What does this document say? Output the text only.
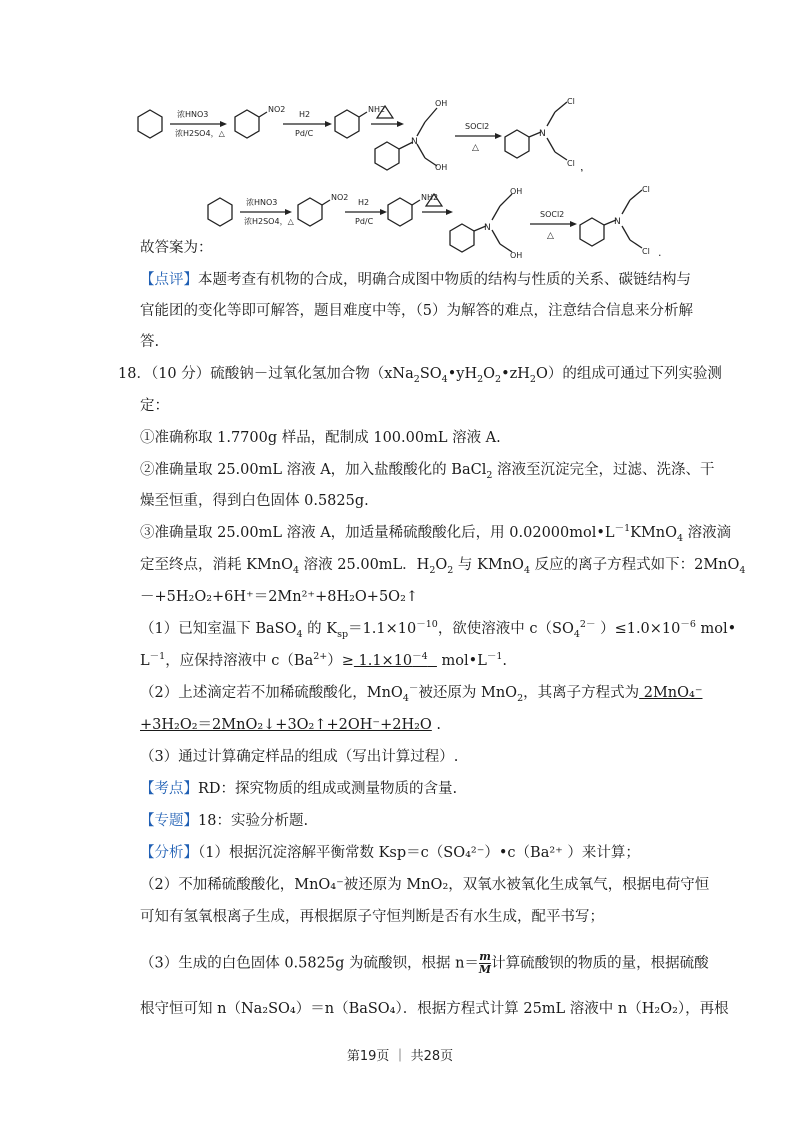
浓HNO3
浓H2SO4，△
NO2
H2
Pd/C
NH2
N
OH
OH
SOCl2
△
N
Cl
Cl ，
浓HNO3
浓H2SO4，△
NO2
H2
Pd/C
NH2
N
OH
OH
SOCl2
△
N
Cl
Cl .
故答案为：
【点评】本题考查有机物的合成，明确合成图中物质的结构与性质的关系、碳链结构与
官能团的变化等即可解答，题目难度中等，（5）为解答的难点，注意结合信息来分析解
答.
18．（10 分）硫酸钠－过氧化氢加合物$(xNa_2SO_4•yH_2O_2•zH_2O)$的组成可通过下列实验测
定：
①准确称取 1.7700g 样品，配制成 100.00mL 溶液 A.
②准确量取 25.00mL 溶液 A，加入盐酸酸化的 BaCl$_2$ 溶液至沉淀完全，过滤、洗涤、干
燥至恒重，得到白色固体 0.5825g.
③准确量取 25.00mL 溶液 A，加适量稀硫酸酸化后，用 $0.02000mol•L^{-1}KMnO_4$ 溶液滴
定至终点，消耗 KMnO$_4$ 溶液 25.00mL．$H_2O_2$ 与 KMnO$_4$ 反应的离子方程式如下：2MnO$_4$
－+5H₂O₂+6H⁺＝2Mn²⁺+8H₂O+5O₂↑
（1）已知室温下 BaSO$_4$ 的 $K_{sp}=1.1\times 10^{-10}$，欲使溶液中 $c(SO_4^{2-}$ ）$\le 1.0\times 10^{-6}$ mol•
$L^{-1}$，应保持溶液中 $c(Ba^{2+})\ge 1.1\times 10^{-4}$   $mol•L^{-1}$.
（2）上述滴定若不加稀硫酸酸化，MnO$_4$－被还原为 MnO$_2$，其离子方程式为 2MnO₄⁻
+3H₂O₂＝2MnO₂↓+3O₂↑+2OH⁻+2H₂O .
（3）通过计算确定样品的组成（写出计算过程）.
【考点】RD：探究物质的组成或测量物质的含量.
【专题】18：实验分析题.
【分析】（1）根据沉淀溶解平衡常数 Ksp＝c（SO₄²⁻）•c（Ba²⁺ ）来计算；
（2）不加稀硫酸酸化，MnO₄⁻被还原为 MnO₂，双氧水被氧化生成氧气，根据电荷守恒
可知有氢氧根离子生成，再根据原子守恒判断是否有水生成，配平书写；
（3）生成的白色固体 0.5825g 为硫酸钡，根据 $n= \frac{m}{M}$ 计算硫酸钡的物质的量，根据硫酸
根守恒可知 n（Na₂SO₄）＝n（BaSO₄）．根据方程式计算 25mL 溶液中 n（H₂O₂），再根
第19页 ｜ 共28页
